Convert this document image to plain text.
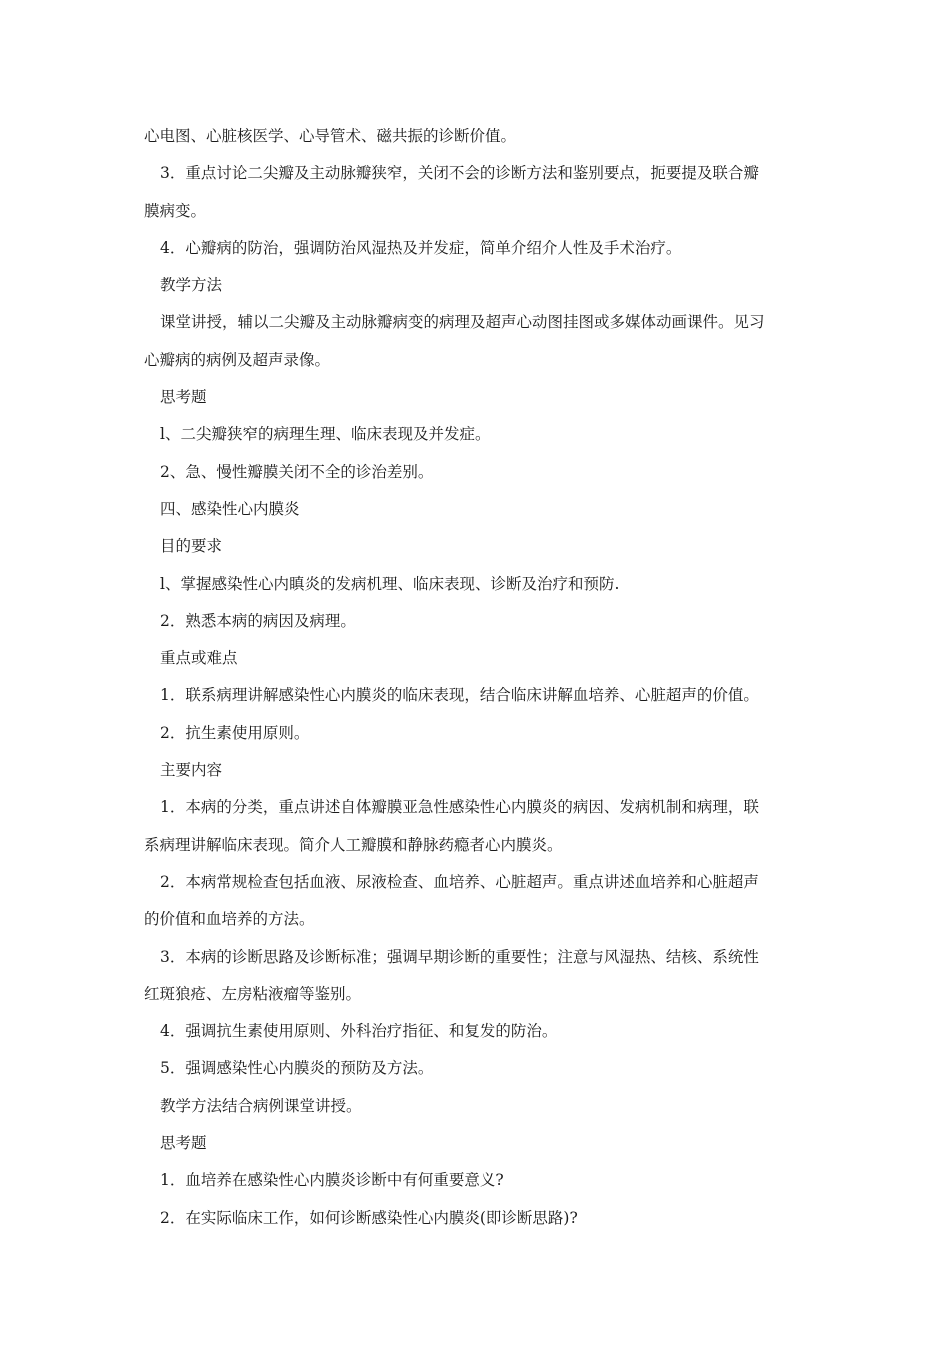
心电图、心脏核医学、心导管术、磁共振的诊断价值。
3．重点讨论二尖瓣及主动脉瓣狭窄，关闭不会的诊断方法和鉴别要点，扼要提及联合瓣
膜病变。
4．心瓣病的防治，强调防治风湿热及并发症，简单介绍介人性及手术治疗。
教学方法
课堂讲授，辅以二尖瓣及主动脉瓣病变的病理及超声心动图挂图或多媒体动画课件。见习
心瓣病的病例及超声录像。
思考题
l、二尖瓣狭窄的病理生理、临床表现及并发症。
2、急、慢性瓣膜关闭不全的诊治差别。
四、感染性心内膜炎
目的要求
l、掌握感染性心内瞋炎的发病机理、临床表现、诊断及治疗和预防.
2．熟悉本病的病因及病理。
重点或难点
1．联系病理讲解感染性心内膜炎的临床表现，结合临床讲解血培养、心脏超声的价值。
2．抗生素使用原则。
主要内容
1．本病的分类，重点讲述自体瓣膜亚急性感染性心内膜炎的病因、发病机制和病理，联
系病理讲解临床表现。简介人工瓣膜和静脉药瘾者心内膜炎。
2．本病常规检查包括血液、尿液检查、血培养、心脏超声。重点讲述血培养和心脏超声
的价值和血培养的方法。
3．本病的诊断思路及诊断标准；强调早期诊断的重要性；注意与风湿热、结核、系统性
红斑狼疮、左房粘液瘤等鉴别。
4．强调抗生素使用原则、外科治疗指征、和复发的防治。
5．强调感染性心内膜炎的预防及方法。
教学方法结合病例课堂讲授。
思考题
1．血培养在感染性心内膜炎诊断中有何重要意义?
2．在实际临床工作，如何诊断感染性心内膜炎(即诊断思路)?
